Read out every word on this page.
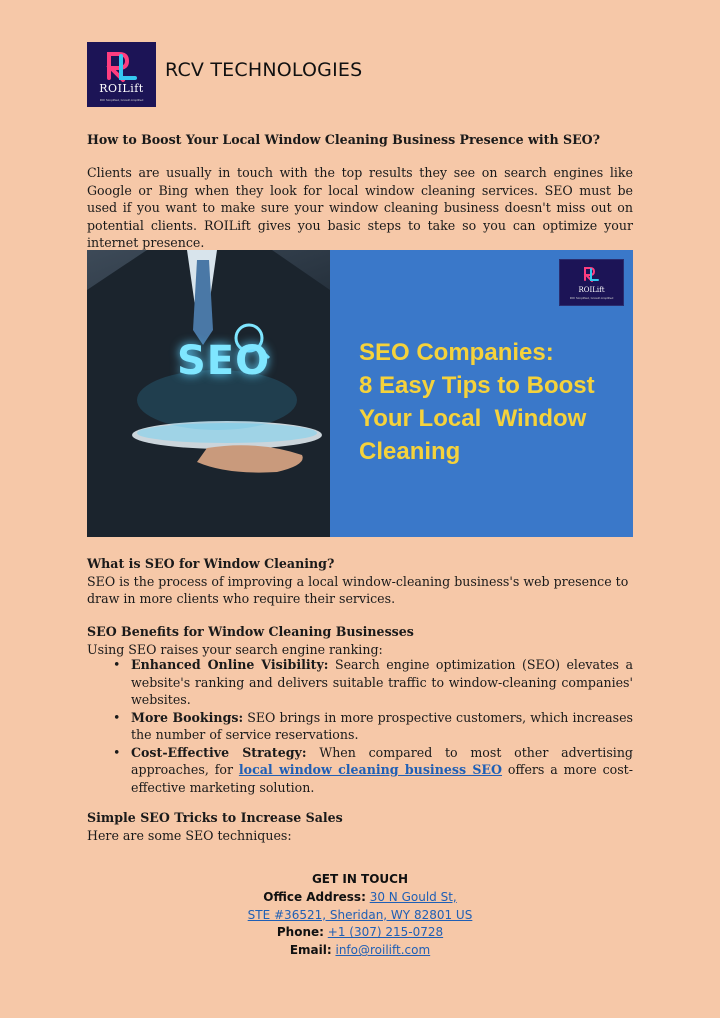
ROILift
ROI Simplified, Growth Amplified
RCV TECHNOLOGIES
How to Boost Your Local Window Cleaning Business Presence with SEO?
Clients are usually in touch with the top results they see on search engines like Google or Bing when they look for local window cleaning services. SEO must be used if you want to make sure your window cleaning business doesn't miss out on potential clients. ROILift gives you basic steps to take so you can optimize your internet presence.
SEO
ROILift
ROI Simplified, Growth Amplified
SEO Companies:
8 Easy Tips to Boost
Your Local  Window
Cleaning
What is SEO for Window Cleaning?
SEO is the process of improving a local window-cleaning business's web presence to draw in more clients who require their services.
SEO Benefits for Window Cleaning Businesses
Using SEO raises your search engine ranking:
• Enhanced Online Visibility: Search engine optimization (SEO) elevates a website's ranking and delivers suitable traffic to window-cleaning companies' websites.
• More Bookings: SEO brings in more prospective customers, which increases the number of service reservations.
• Cost-Effective Strategy: When compared to most other advertising approaches, for local window cleaning business SEO offers a more cost-effective marketing solution.
Simple SEO Tricks to Increase Sales
Here are some SEO techniques:
GET IN TOUCH
Office Address: 30 N Gould St,
STE #36521, Sheridan, WY 82801 US
Phone: +1 (307) 215-0728
Email: info@roilift.com
